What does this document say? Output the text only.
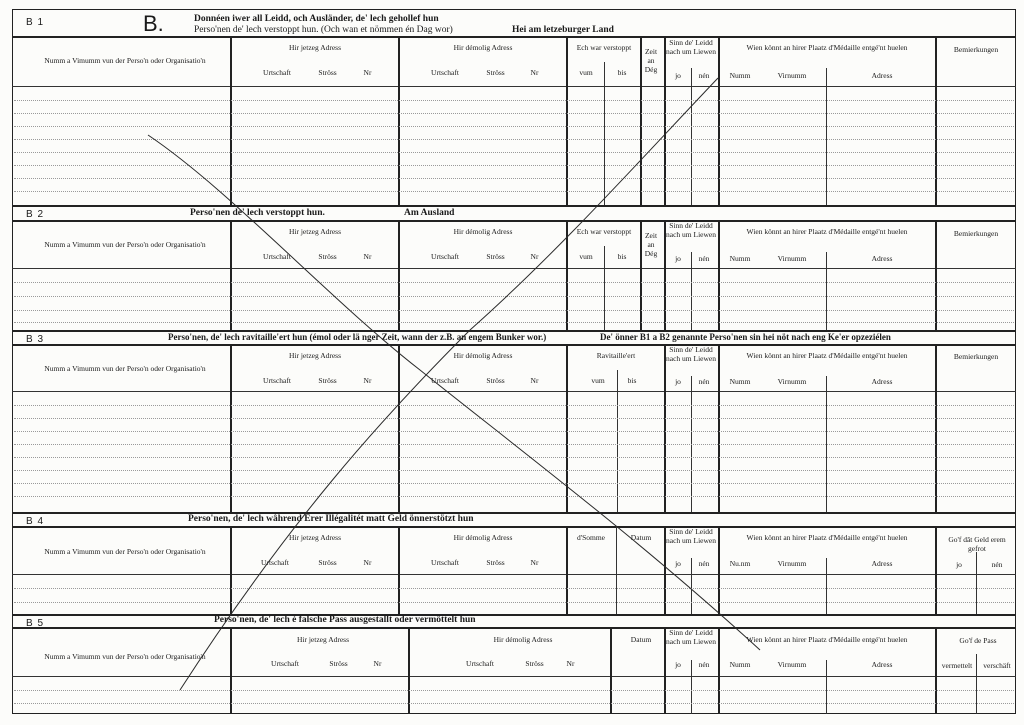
B.
B 1	Donnéen iwer all Leidd, och Ausländer, de' lech gehollef hun
Perso'nen de' lech verstoppt hun. (Och wan et nömmen én Dag wor)	Hei am letzeburger Land
Numm a Vimumm vun der Perso'n oder Organisatio'n
Hir jetzeg Adress
Urtschaft	Ströss	Nr
Hir démolig Adress
Urtschaft	Ströss	Nr
Ech war verstoppt
vum	bis
Zeit an Dég
Sinn de' Leidd nach um Liewen
jo	nén
Wien könnt an hirer Plaatz d'Médaille entgé'nt huelen
Numm	Virnumm	Adress
Bemierkungen
B 2	Perso'nen de' lech verstoppt hun.	Am Ausland
Numm a Vimumm vun der Perso'n oder Organisatio'n
Hir jetzeg Adress
Urtschaft	Ströss	Nr
Hir démolig Adress
Urtschaft	Ströss	Nr
Ech war verstoppt
vum	bis
Zeit an Dég
Sinn de' Leidd nach um Liewen
jo	nén
Wien könnt an hirer Plaatz d'Médaille entgé'nt huelen
Numm	Virnumm	Adress
Bemierkungen
B 3	Perso'nen, de' lech ravitaille'ert hun (émol oder lä nger Zeit, wann der z.B. an engem Bunker wor.)	De' önner B1 a B2 genannte Perso'nen sin hei nöt nach eng Ke'er opzeziélen
Numm a Vimumm vun der Perso'n oder Organisatio'n
Hir jetzeg Adress
Urtschaft	Ströss	Nr
Hir démolig Adress
Urtschaft	Ströss	Nr
Ravitaille'ert
vum	bis
Sinn de' Leidd nach um Liewen
jo	nén
Wien könnt an hirer Plaatz d'Médaille entgé'nt huelen
Numm	Virnumm	Adress
Bemierkungen
B 4	Perso'nen, de' lech wâhrend Erer Illégalitét matt Geld önnerstötzt hun
Numm a Vimumm vun der Perso'n oder Organisatio'n
Hir jetzeg Adress
Urtschaft	Ströss	Nr
Hir démolig Adress
Urtschaft	Ströss	Nr
d'Somme	Datum
Sinn de' Leidd nach um Liewen
jo	nén
Wien könnt an hirer Plaatz d'Médaille entgé'nt huelen
Nu.nm	Virnumm	Adress
Go'f dât Geld erem gefrot
jo	nén
B 5	Perso'nen, de' lech é falsche Pass ausgestallt oder vermöttelt hun
Numm a Vimumm vun der Perso'n oder Organisatio'n
Hir jetzeg Adress
Urtschaft	Ströss	Nr
Hir démolig Adress
Urtschaft	Ströss	Nr
Datum
Sinn de' Leidd nach um Liewen
jo	nén
Wien könnt an hirer Plaatz d'Médaille entgé'nt huelen
Numm	Virnumm	Adress
Go'f de Pass
vermettelt	verschäft
